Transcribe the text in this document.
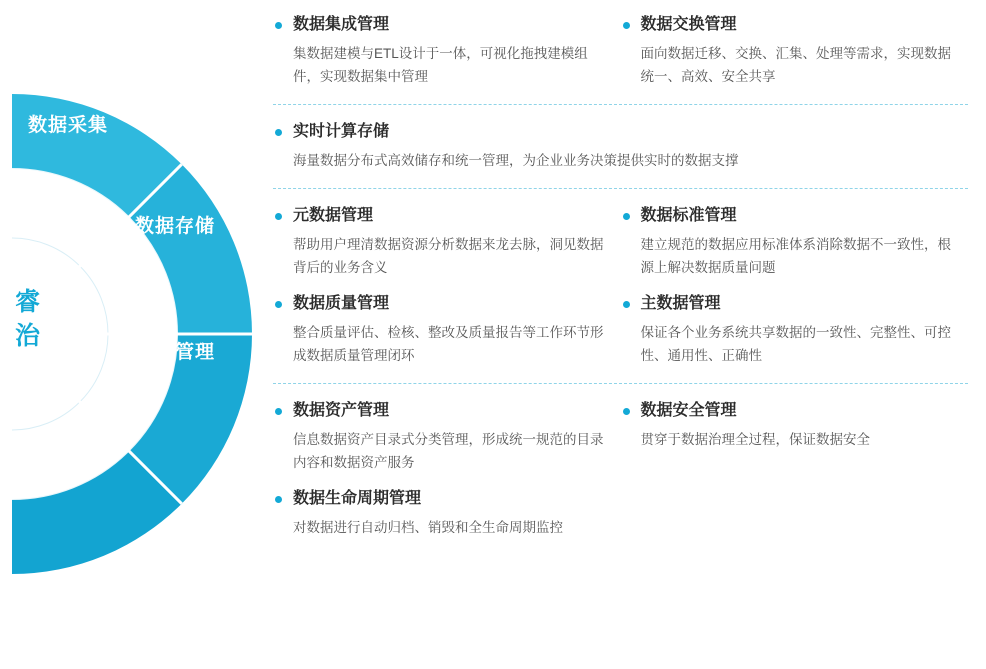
数据采集
数据存储
数据管理
数据服务
睿
治

数据集成管理

集数据建模与ETL设计于一体，可视化拖拽建模组件，实现数据集中管理

数据交换管理

面向数据迁移、交换、汇集、处理等需求，实现数据统一、高效、安全共享

实时计算存储

海量数据分布式高效储存和统一管理，为企业业务决策提供实时的数据支撑

元数据管理

帮助用户理清数据资源分析数据来龙去脉，洞见数据背后的业务含义

数据质量管理

整合质量评估、检核、整改及质量报告等工作环节形成数据质量管理闭环

数据标准管理

建立规范的数据应用标准体系消除数据不一致性，根源上解决数据质量问题

主数据管理

保证各个业务系统共享数据的一致性、完整性、可控性、通用性、正确性

数据资产管理

信息数据资产目录式分类管理，形成统一规范的目录内容和数据资产服务

数据生命周期管理

对数据进行自动归档、销毁和全生命周期监控

数据安全管理

贯穿于数据治理全过程，保证数据安全
